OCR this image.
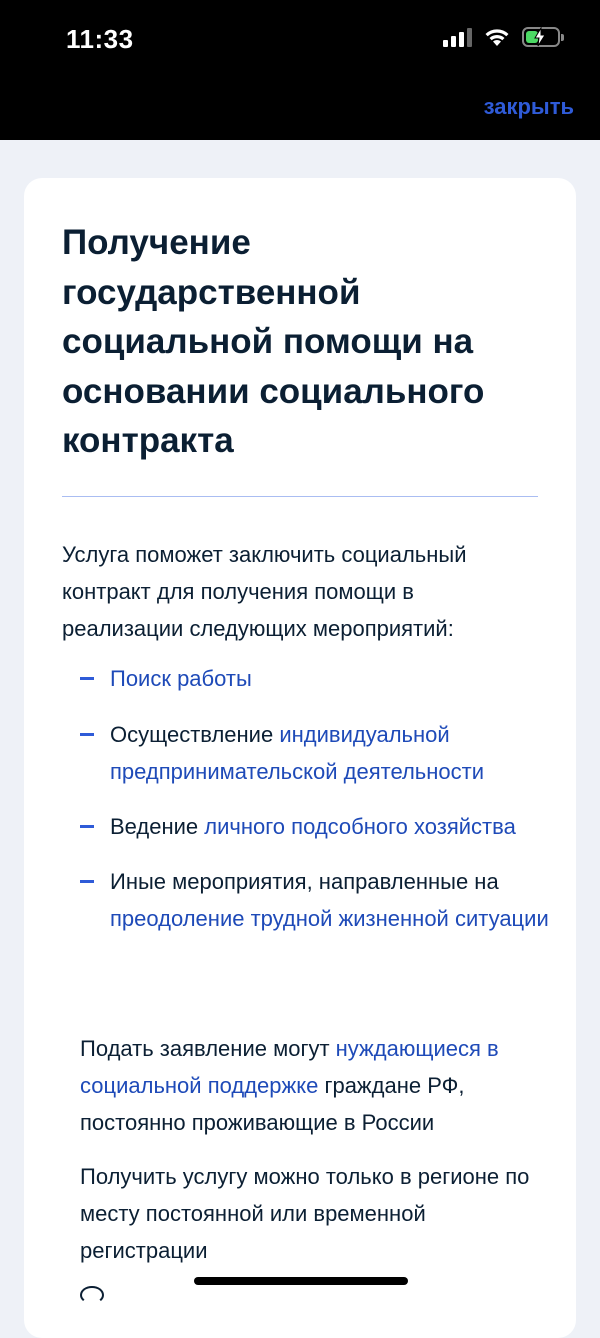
11:33
закрыть
Получение государственной социальной помощи на основании социального контракта
Услуга поможет заключить социальный контракт для получения помощи в реализации следующих мероприятий:
Поиск работы
Осуществление индивидуальной предпринимательской деятельности
Ведение личного подсобного хозяйства
Иные мероприятия, направленные на преодоление трудной жизненной ситуации
Подать заявление могут нуждающиеся в социальной поддержке граждане РФ, постоянно проживающие в России
Получить услугу можно только в регионе по месту постоянной или временной регистрации
